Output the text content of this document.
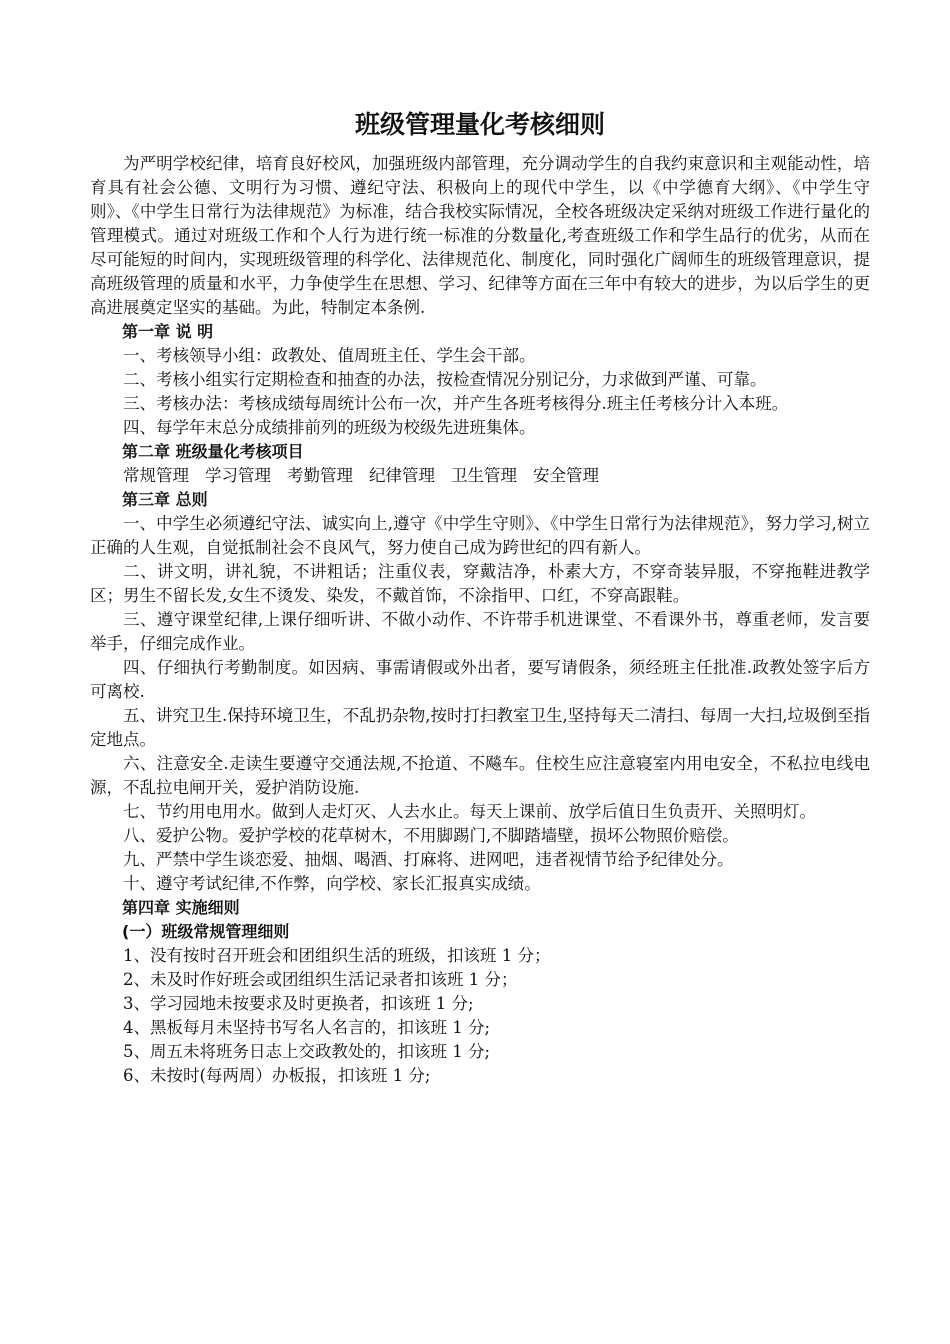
班级管理量化考核细则

为严明学校纪律，培育良好校风，加强班级内部管理，充分调动学生的自我约束意识和主观能动性，培育具有社会公德、文明行为习惯、遵纪守法、积极向上的现代中学生，以《中学德育大纲》、《中学生守则》、《中学生日常行为法律规范》为标准，结合我校实际情况，全校各班级决定采纳对班级工作进行量化的管理模式。通过对班级工作和个人行为进行统一标准的分数量化,考查班级工作和学生品行的优劣，从而在尽可能短的时间内，实现班级管理的科学化、法律规范化、制度化，同时强化广阔师生的班级管理意识，提高班级管理的质量和水平，力争使学生在思想、学习、纪律等方面在三年中有较大的进步，为以后学生的更高进展奠定坚实的基础。为此，特制定本条例.

第一章 说 明

一、考核领导小组：政教处、值周班主任、学生会干部。

二、考核小组实行定期检查和抽查的办法，按检查情况分别记分，力求做到严谨、可靠。

三、考核办法：考核成绩每周统计公布一次，并产生各班考核得分.班主任考核分计入本班。

四、每学年末总分成绩排前列的班级为校级先进班集体。

第二章 班级量化考核项目

常规管理 学习管理 考勤管理 纪律管理 卫生管理 安全管理

第三章 总则

一、中学生必须遵纪守法、诚实向上,遵守《中学生守则》、《中学生日常行为法律规范》，努力学习,树立正确的人生观，自觉抵制社会不良风气，努力使自己成为跨世纪的四有新人。

二、讲文明，讲礼貌，不讲粗话；注重仪表，穿戴洁净，朴素大方，不穿奇装异服，不穿拖鞋进教学区；男生不留长发,女生不烫发、染发，不戴首饰，不涂指甲、口红，不穿高跟鞋。

三、遵守课堂纪律,上课仔细听讲、不做小动作、不许带手机进课堂、不看课外书，尊重老师，发言要举手，仔细完成作业。

四、仔细执行考勤制度。如因病、事需请假或外出者，要写请假条，须经班主任批准.政教处签字后方可离校.

五、讲究卫生.保持环境卫生，不乱扔杂物,按时打扫教室卫生,坚持每天二清扫、每周一大扫,垃圾倒至指定地点。

六、注意安全.走读生要遵守交通法规,不抢道、不飚车。住校生应注意寝室内用电安全，不私拉电线电源，不乱拉电闸开关，爱护消防设施.

七、节约用电用水。做到人走灯灭、人去水止。每天上课前、放学后值日生负责开、关照明灯。

八、爱护公物。爱护学校的花草树木，不用脚踢门,不脚踏墙壁，损坏公物照价赔偿。

九、严禁中学生谈恋爱、抽烟、喝酒、打麻将、进网吧，违者视情节给予纪律处分。

十、遵守考试纪律,不作弊，向学校、家长汇报真实成绩。

第四章 实施细则

(一）班级常规管理细则

1、没有按时召开班会和团组织生活的班级，扣该班 1 分；

2、未及时作好班会或团组织生活记录者扣该班 1 分；

3、学习园地未按要求及时更换者，扣该班 1 分;

4、黑板每月未坚持书写名人名言的，扣该班 1 分;

5、周五未将班务日志上交政教处的，扣该班 1 分;

6、未按时(每两周）办板报，扣该班 1 分;
